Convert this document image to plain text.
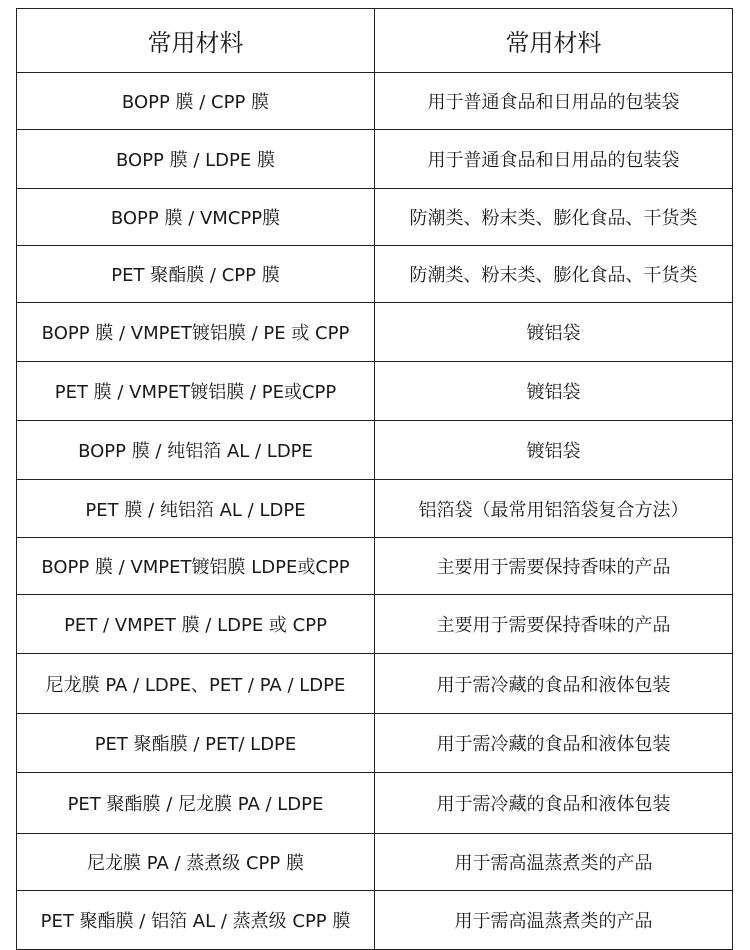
常用材料	常用材料
BOPP 膜 / CPP 膜	用于普通食品和日用品的包装袋
BOPP 膜 / LDPE 膜	用于普通食品和日用品的包装袋
BOPP 膜 / VMCPP膜	防潮类、粉末类、膨化食品、干货类
PET 聚酯膜 / CPP 膜	防潮类、粉末类、膨化食品、干货类
BOPP 膜 / VMPET镀铝膜 / PE 或 CPP	镀铝袋
PET 膜 / VMPET镀铝膜 / PE或CPP	镀铝袋
BOPP 膜 / 纯铝箔 AL / LDPE	镀铝袋
PET 膜 / 纯铝箔 AL / LDPE	铝箔袋（最常用铝箔袋复合方法）
BOPP 膜 / VMPET镀铝膜 LDPE或CPP	主要用于需要保持香味的产品
PET / VMPET 膜 / LDPE 或 CPP	主要用于需要保持香味的产品
尼龙膜 PA / LDPE、PET / PA / LDPE	用于需冷藏的食品和液体包装
PET 聚酯膜 / PET/ LDPE	用于需冷藏的食品和液体包装
PET 聚酯膜 / 尼龙膜 PA / LDPE	用于需冷藏的食品和液体包装
尼龙膜 PA / 蒸煮级 CPP 膜	用于需高温蒸煮类的产品
PET 聚酯膜 / 铝箔 AL / 蒸煮级 CPP 膜	用于需高温蒸煮类的产品
